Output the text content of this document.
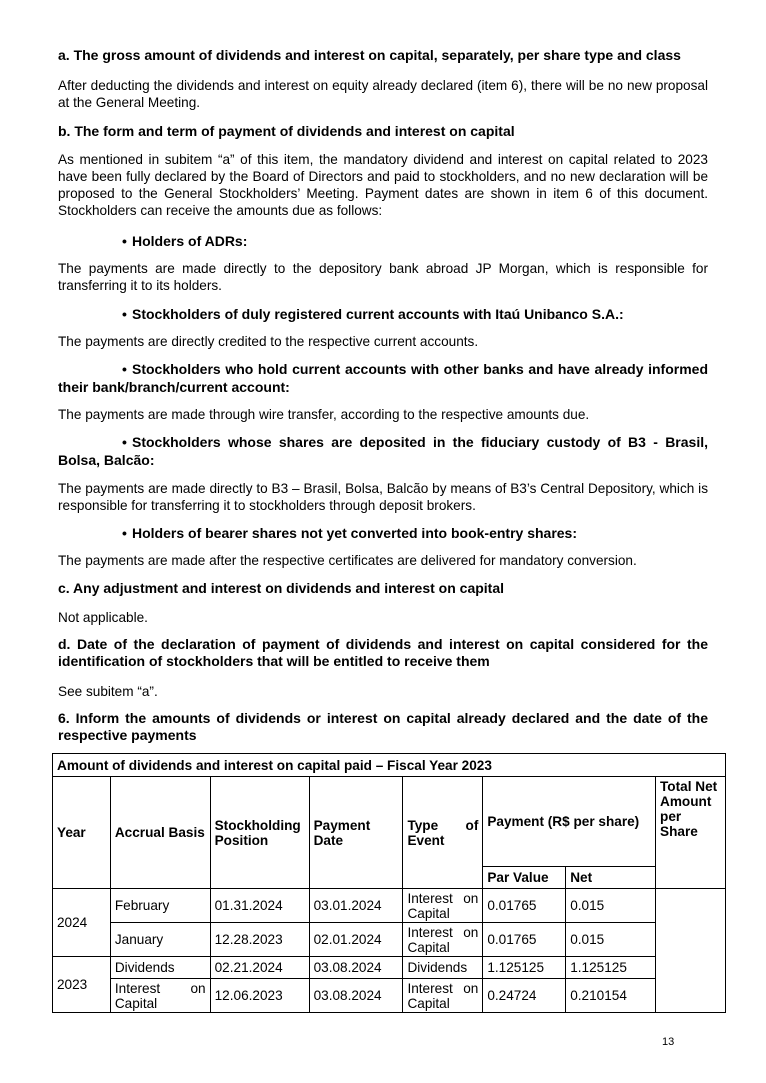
a. The gross amount of dividends and interest on capital, separately, per share type and class

After deducting the dividends and interest on equity already declared (item 6), there will be no new proposal at the General Meeting.

b. The form and term of payment of dividends and interest on capital

As mentioned in subitem “a” of this item, the mandatory dividend and interest on capital related to 2023 have been fully declared by the Board of Directors and paid to stockholders, and no new declaration will be proposed to the General Stockholders’ Meeting. Payment dates are shown in item 6 of this document. Stockholders can receive the amounts due as follows:

• Holders of ADRs:

The payments are made directly to the depository bank abroad JP Morgan, which is responsible for transferring it to its holders.

• Stockholders of duly registered current accounts with Itaú Unibanco S.A.:

The payments are directly credited to the respective current accounts.

• Stockholders who hold current accounts with other banks and have already informed their bank/branch/current account:

The payments are made through wire transfer, according to the respective amounts due.

• Stockholders whose shares are deposited in the fiduciary custody of B3 - Brasil, Bolsa, Balcão:

The payments are made directly to B3 – Brasil, Bolsa, Balcão by means of B3’s Central Depository, which is responsible for transferring it to stockholders through deposit brokers.

• Holders of bearer shares not yet converted into book-entry shares:

The payments are made after the respective certificates are delivered for mandatory conversion.

c. Any adjustment and interest on dividends and interest on capital

Not applicable.

d. Date of the declaration of payment of dividends and interest on capital considered for the identification of stockholders that will be entitled to receive them

See subitem “a”.

6. Inform the amounts of dividends or interest on capital already declared and the date of the respective payments

Amount of dividends and interest on capital paid – Fiscal Year 2023							
Year	Accrual Basis	Stockholding Position	Payment Date	Type of Event	Payment (R$ per share)		Total Net Amount per Share
					Par Value	Net	
2024	February	01.31.2024	03.01.2024	Interest on Capital	0.01765	0.015	
	January	12.28.2023	02.01.2024	Interest on Capital	0.01765	0.015	
2023	Dividends	02.21.2024	03.08.2024	Dividends	1.125125	1.125125	
	Interest on Capital	12.06.2023	03.08.2024	Interest on Capital	0.24724	0.210154	
13
